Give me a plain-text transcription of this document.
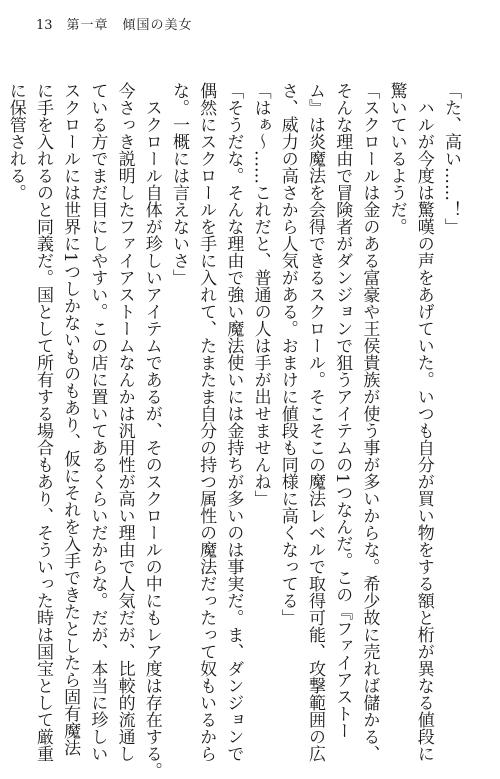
13 第一章　傾国の美女
「た、高い……！」
　ハルが今度は驚嘆の声をあげていた。いつも自分が買い物をする額と桁が異なる値段に
驚いているようだ。
「スクロールは金のある富豪や王侯貴族が使う事が多いからな。希少故に売れば儲かる、
そんな理由で冒険者がダンジョンで狙うアイテムの1つなんだ。この『ファイアストー
ム』は炎魔法を会得できるスクロール。そこそこの魔法レベルで取得可能、攻撃範囲の広
さ、威力の高さから人気がある。おまけに値段も同様に高くなってる」
「はぁ～……これだと、普通の人は手が出せませんね」
「そうだな。そんな理由で強い魔法使いには金持ちが多いのは事実だ。ま、ダンジョンで
偶然にスクロールを手に入れて、たまたま自分の持つ属性の魔法だったって奴もいるから
な。一概には言えないさ」
　スクロール自体が珍しいアイテムであるが、そのスクロールの中にもレア度は存在する。
今さっき説明したファイアストームなんかは汎用性が高い理由で人気だが、比較的流通し
ている方でまだ目にしやすい。この店に置いてあるくらいだからな。だが、本当に珍しい
スクロールには世界に1つしかないものもあり、仮にそれを入手できたとしたら固有魔法
に手を入れるのと同義だ。国として所有する場合もあり、そういった時は国宝として厳重
に保管される。
